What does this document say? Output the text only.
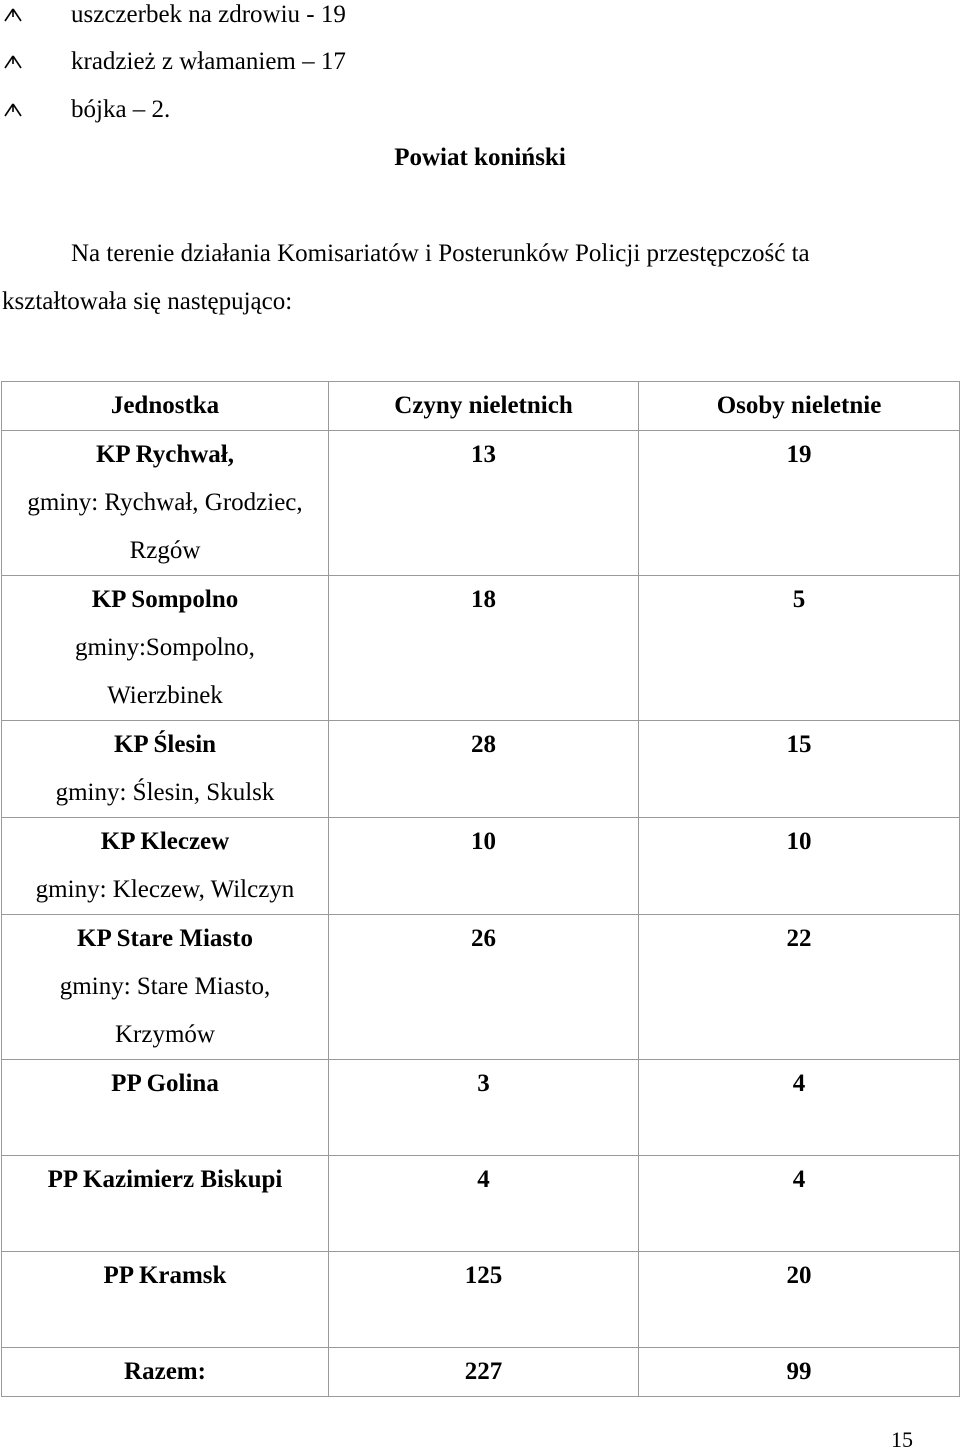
uszczerbek na zdrowiu - 19
kradzież z włamaniem – 17
bójka – 2.
Powiat koniński
Na terenie działania Komisariatów i Posterunków Policji przestępczość ta
kształtowała się następująco:
Jednostka	Czyny nieletnich	Osoby nieletnie

KP Rychwał,
gminy: Rychwał, Grodziec,
Rzgów	13	19

KP Sompolno
gminy:Sompolno,
Wierzbinek	18	5

KP Ślesin
gminy: Ślesin, Skulsk	28	15

KP Kleczew
gminy: Kleczew, Wilczyn	10	10

KP Stare Miasto
gminy: Stare Miasto,
Krzymów	26	22

PP Golina	3	4

PP Kazimierz Biskupi	4	4

PP Kramsk	125	20

Razem:	227	99
15
